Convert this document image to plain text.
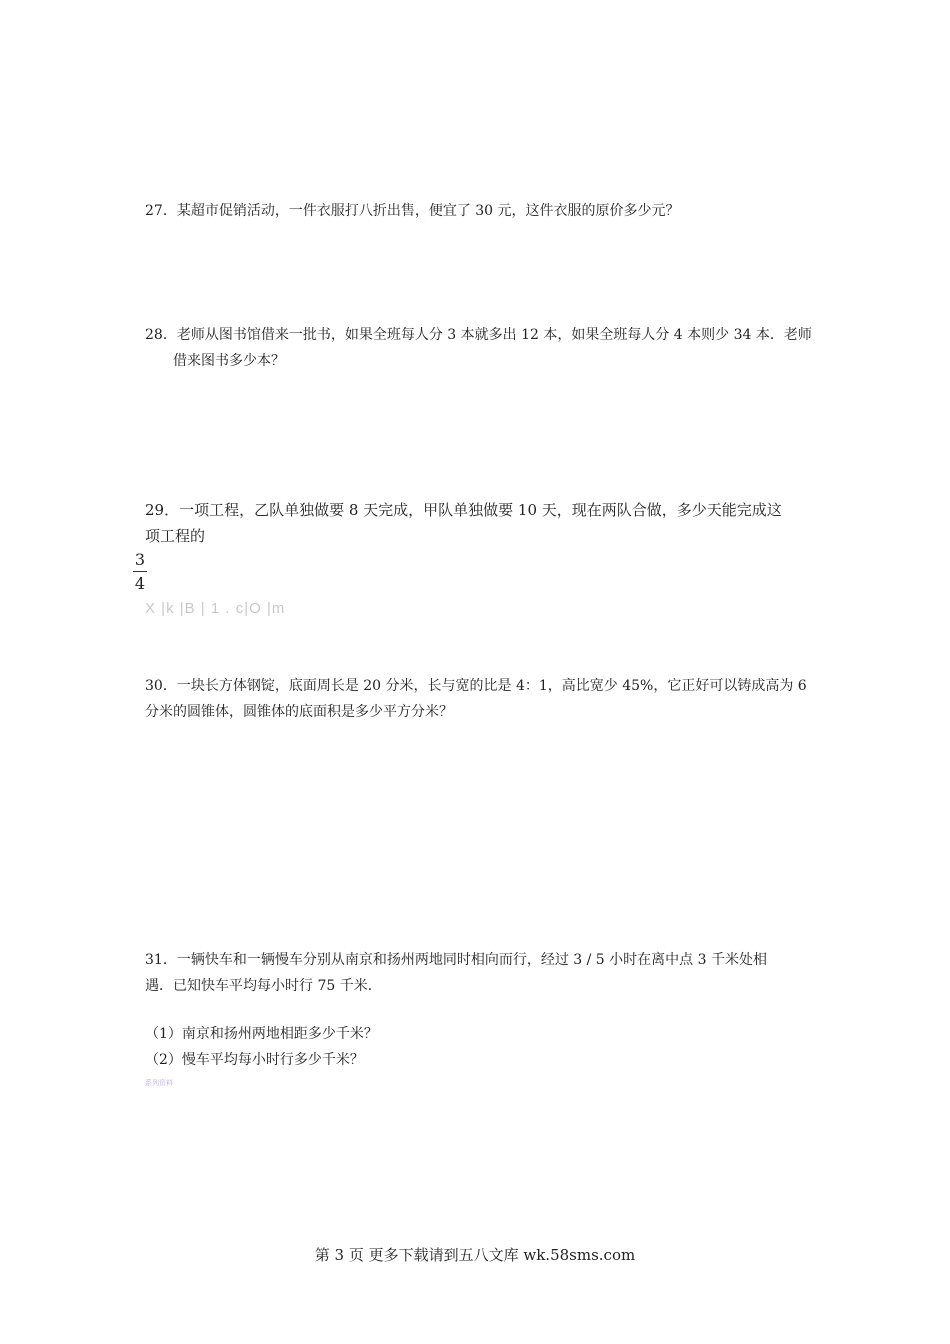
27．某超市促销活动，一件衣服打八折出售，便宜了 30 元，这件衣服的原价多少元？
28．老师从图书馆借来一批书，如果全班每人分 3 本就多出 12 本，如果全班每人分 4 本则少 34 本．老师
借来图书多少本？
29．一项工程，乙队单独做要 8 天完成，甲队单独做要 10 天，现在两队合做，多少天能完成这
项工程的
3
4
X |k |B | 1 . c|O |m
30．一块长方体钢锭，底面周长是 20 分米，长与宽的比是 4：1，高比宽少 45%，它正好可以铸成高为 6
分米的圆锥体，圆锥体的底面积是多少平方分米？
31．一辆快车和一辆慢车分别从南京和扬州两地同时相向而行，经过 3 / 5 小时在离中点 3 千米处相
遇．已知快车平均每小时行 75 千米．
（1）南京和扬州两地相距多少千米？
（2）慢车平均每小时行多少千米？
系列资料
第 3 页 更多下载请到五八文库 wk.58sms.com
